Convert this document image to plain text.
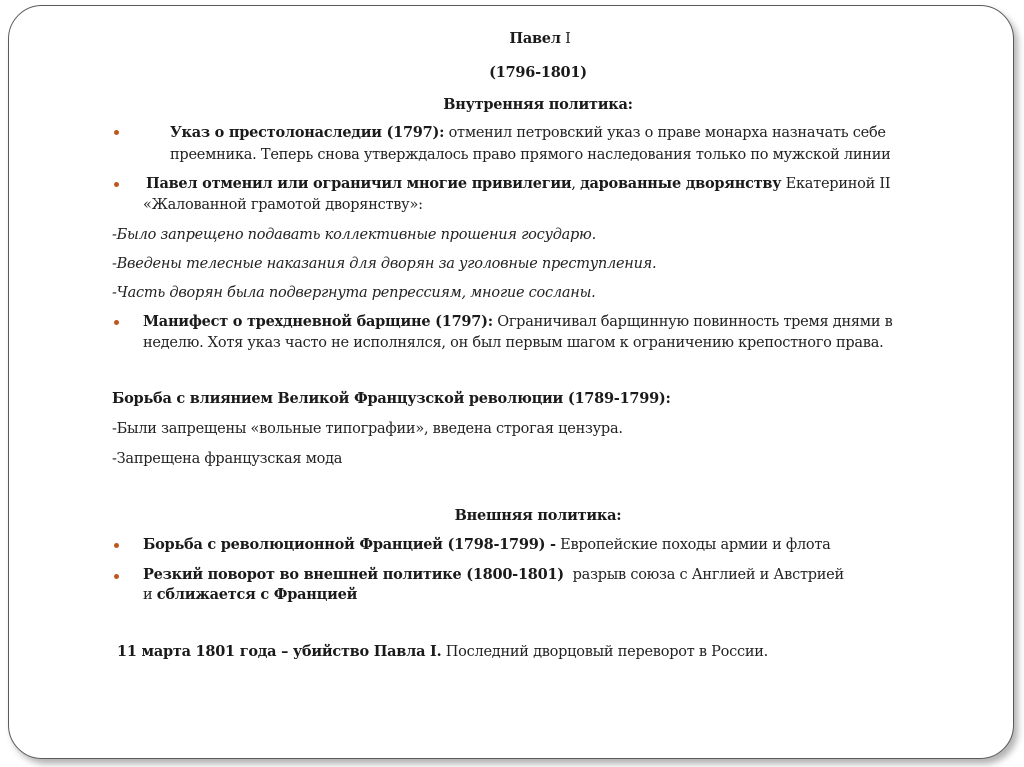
Павел I
(1796-1801)
Внутренняя политика:
Указ о престолонаследии (1797): отменил петровский указ о праве монарха назначать себе
преемника. Теперь снова утверждалось право прямого наследования только по мужской линии
Павел отменил или ограничил многие привилегии, дарованные дворянству Екатериной II
«Жалованной грамотой дворянству»:
-Было запрещено подавать коллективные прошения государю.
-Введены телесные наказания для дворян за уголовные преступления.
-Часть дворян была подвергнута репрессиям, многие сосланы.
Манифест о трехдневной барщине (1797): Ограничивал барщинную повинность тремя днями в
неделю. Хотя указ часто не исполнялся, он был первым шагом к ограничению крепостного права.
Борьба с влиянием Великой Французской революции (1789-1799):
-Были запрещены «вольные типографии», введена строгая цензура.
-Запрещена французская мода
Внешняя политика:
Борьба с революционной Францией (1798-1799) - Европейские походы армии и флота
Резкий поворот во внешней политике (1800-1801) разрыв союза с Англией и Австрией
и сближается с Францией
11 марта 1801 года – убийство Павла I. Последний дворцовый переворот в России.
